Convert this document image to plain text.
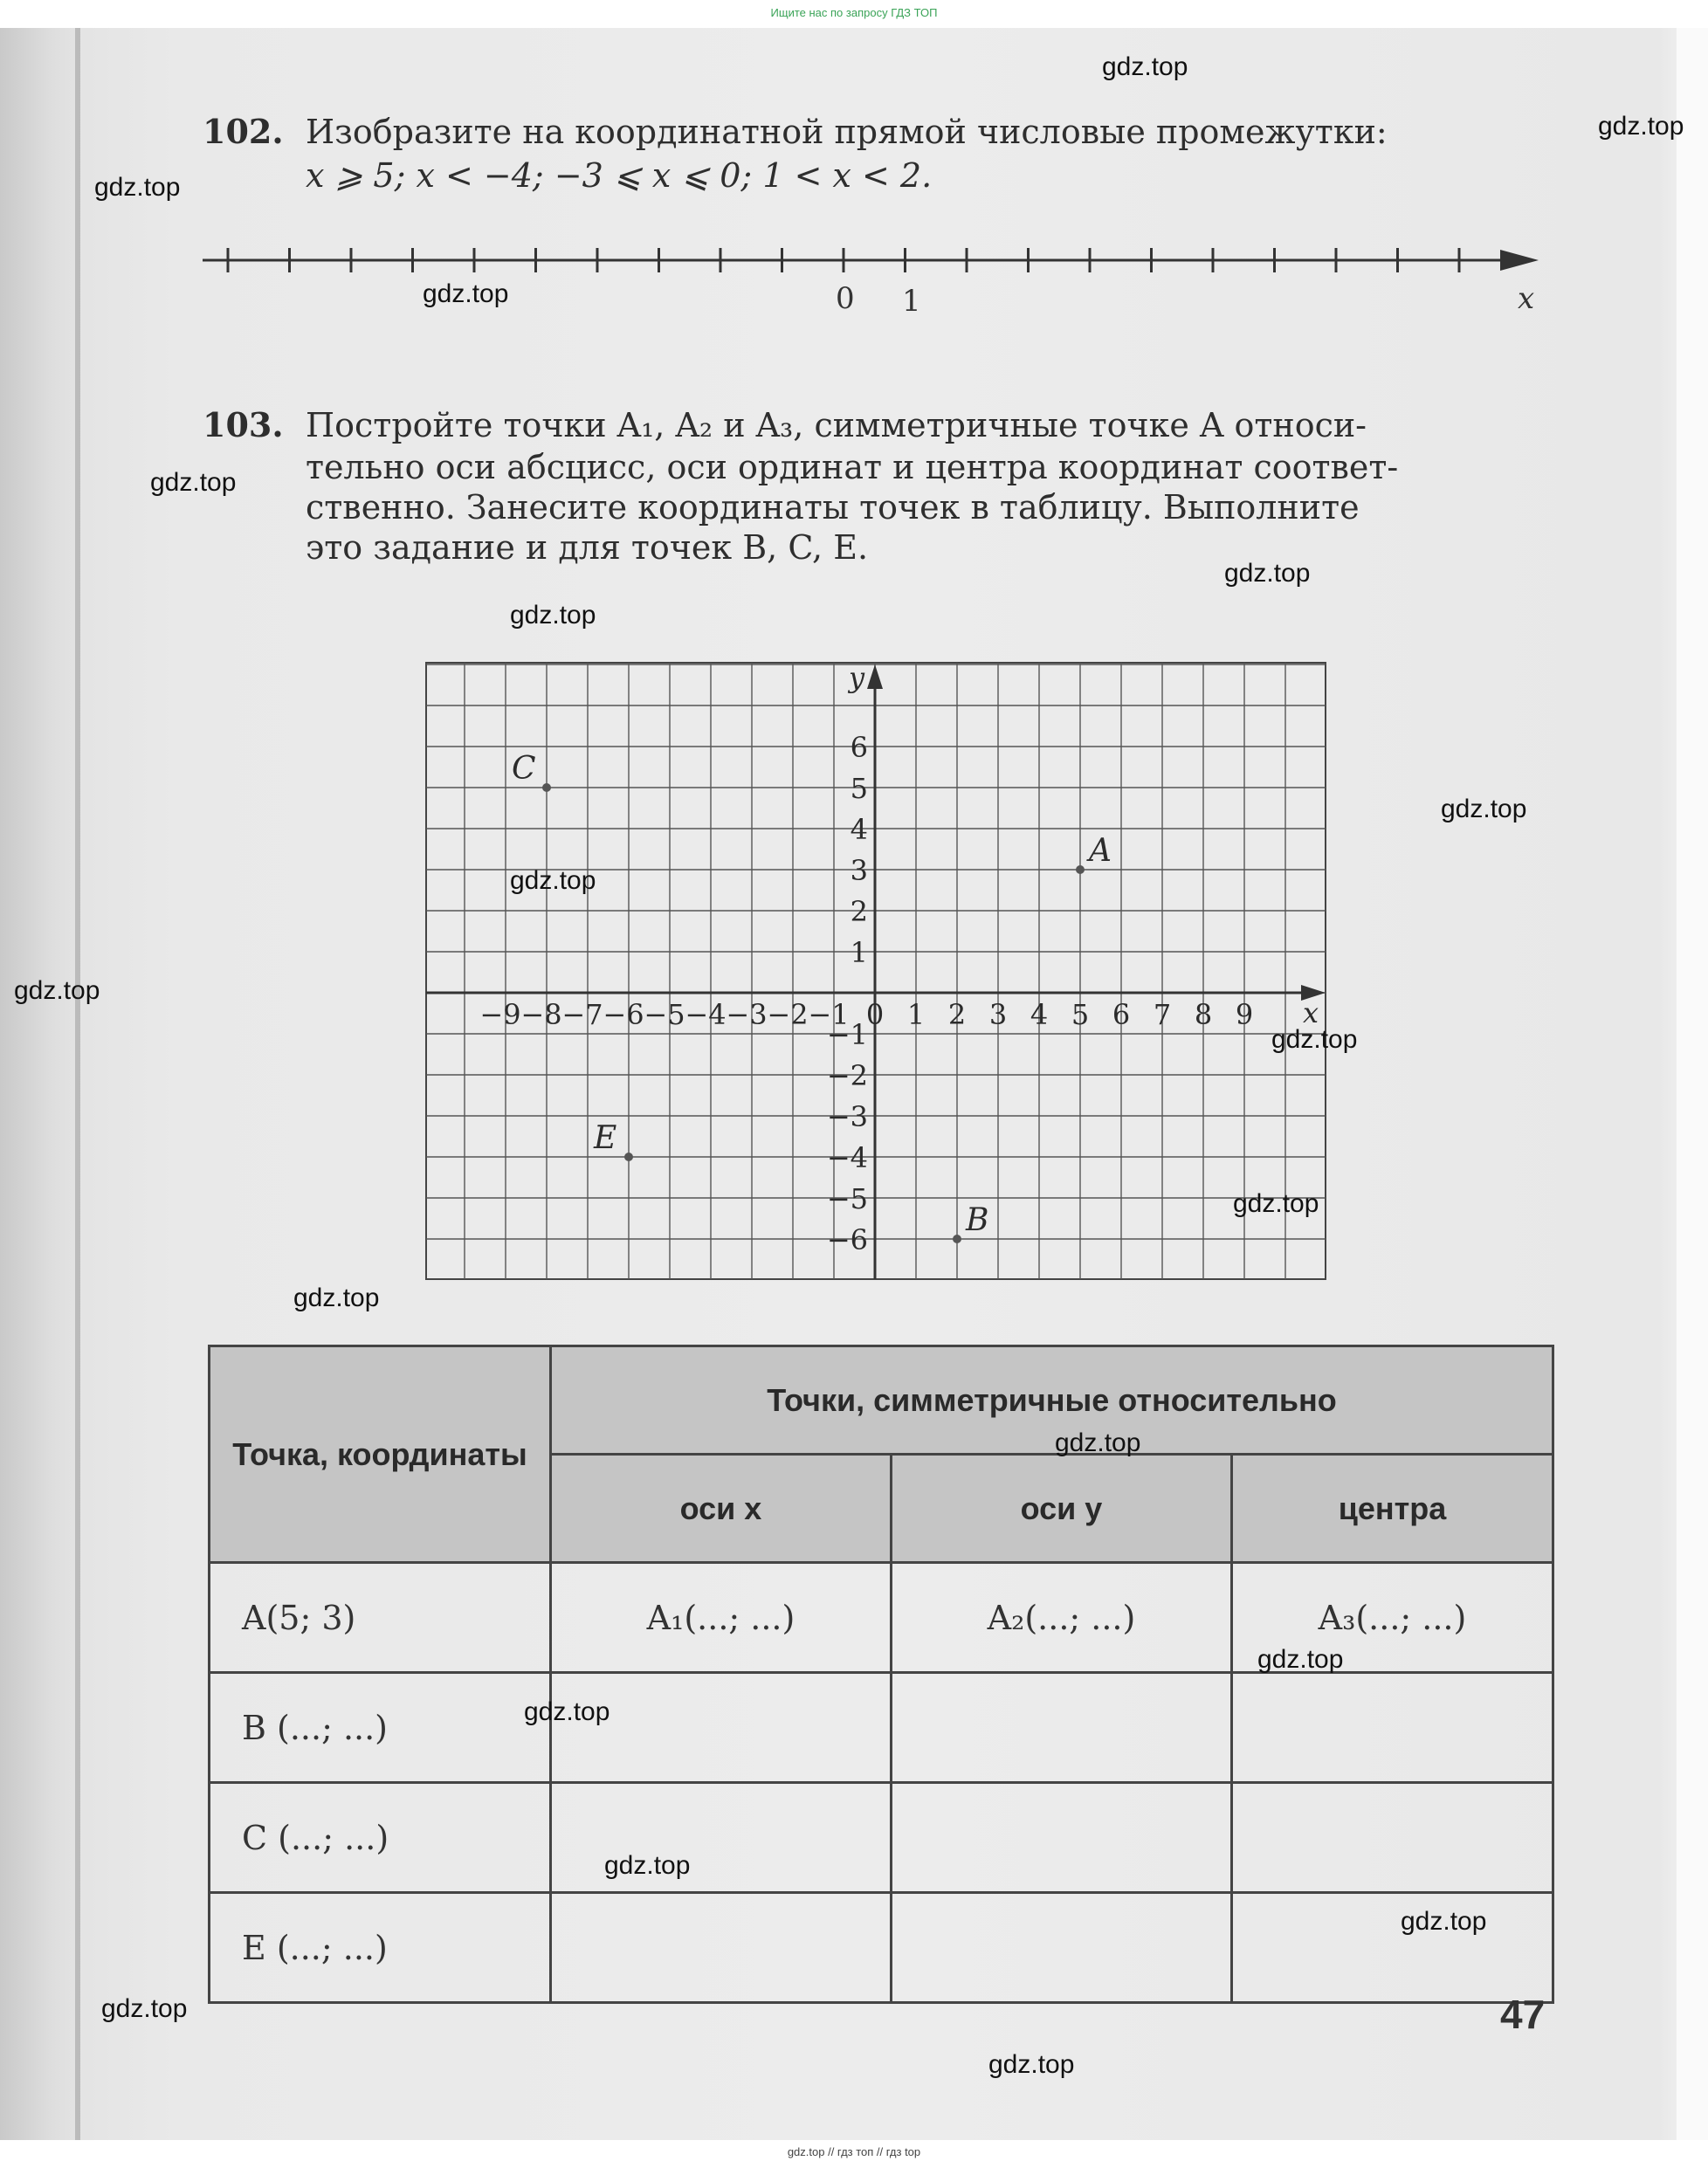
Ищите нас по запросу ГДЗ ТОП
102. Изобразите на координатной прямой числовые промежутки:
x ⩾ 5; x < −4; −3 ⩽ x ⩽ 0; 1 < x < 2.
0 1	x
103. Постройте точки A₁, A₂ и A₃, симметричные точке A относи-
тельно оси абсцисс, оси ординат и центра координат соответ-
ственно. Занесите координаты точек в таблицу. Выполните
это задание и для точек B, C, E.
−9 −8 −7 −6 −5 −4 −3 −2 −1 0 1 2 3 4 5 6 7 8 9
6
5
4
3
2
1
−1
−2
−3
−4
−5
−6
x
y
A
B
C
E
Точка, координаты	Точки, симметричные относительно		
	оси x	оси y	центра
A(5; 3)	A₁(...; ...)	A₂(...; ...)	A₃(...; ...)
B (...; ...)			
C (...; ...)			
E (...; ...)			
47
gdz.top
gdz.top
gdz.top
gdz.top
gdz.top
gdz.top
gdz.top
gdz.top
gdz.top
gdz.top
gdz.top
gdz.top
gdz.top
gdz.top
gdz.top
gdz.top
gdz.top
gdz.top
gdz.top
gdz.top
gdz.top // гдз топ // гдз top
